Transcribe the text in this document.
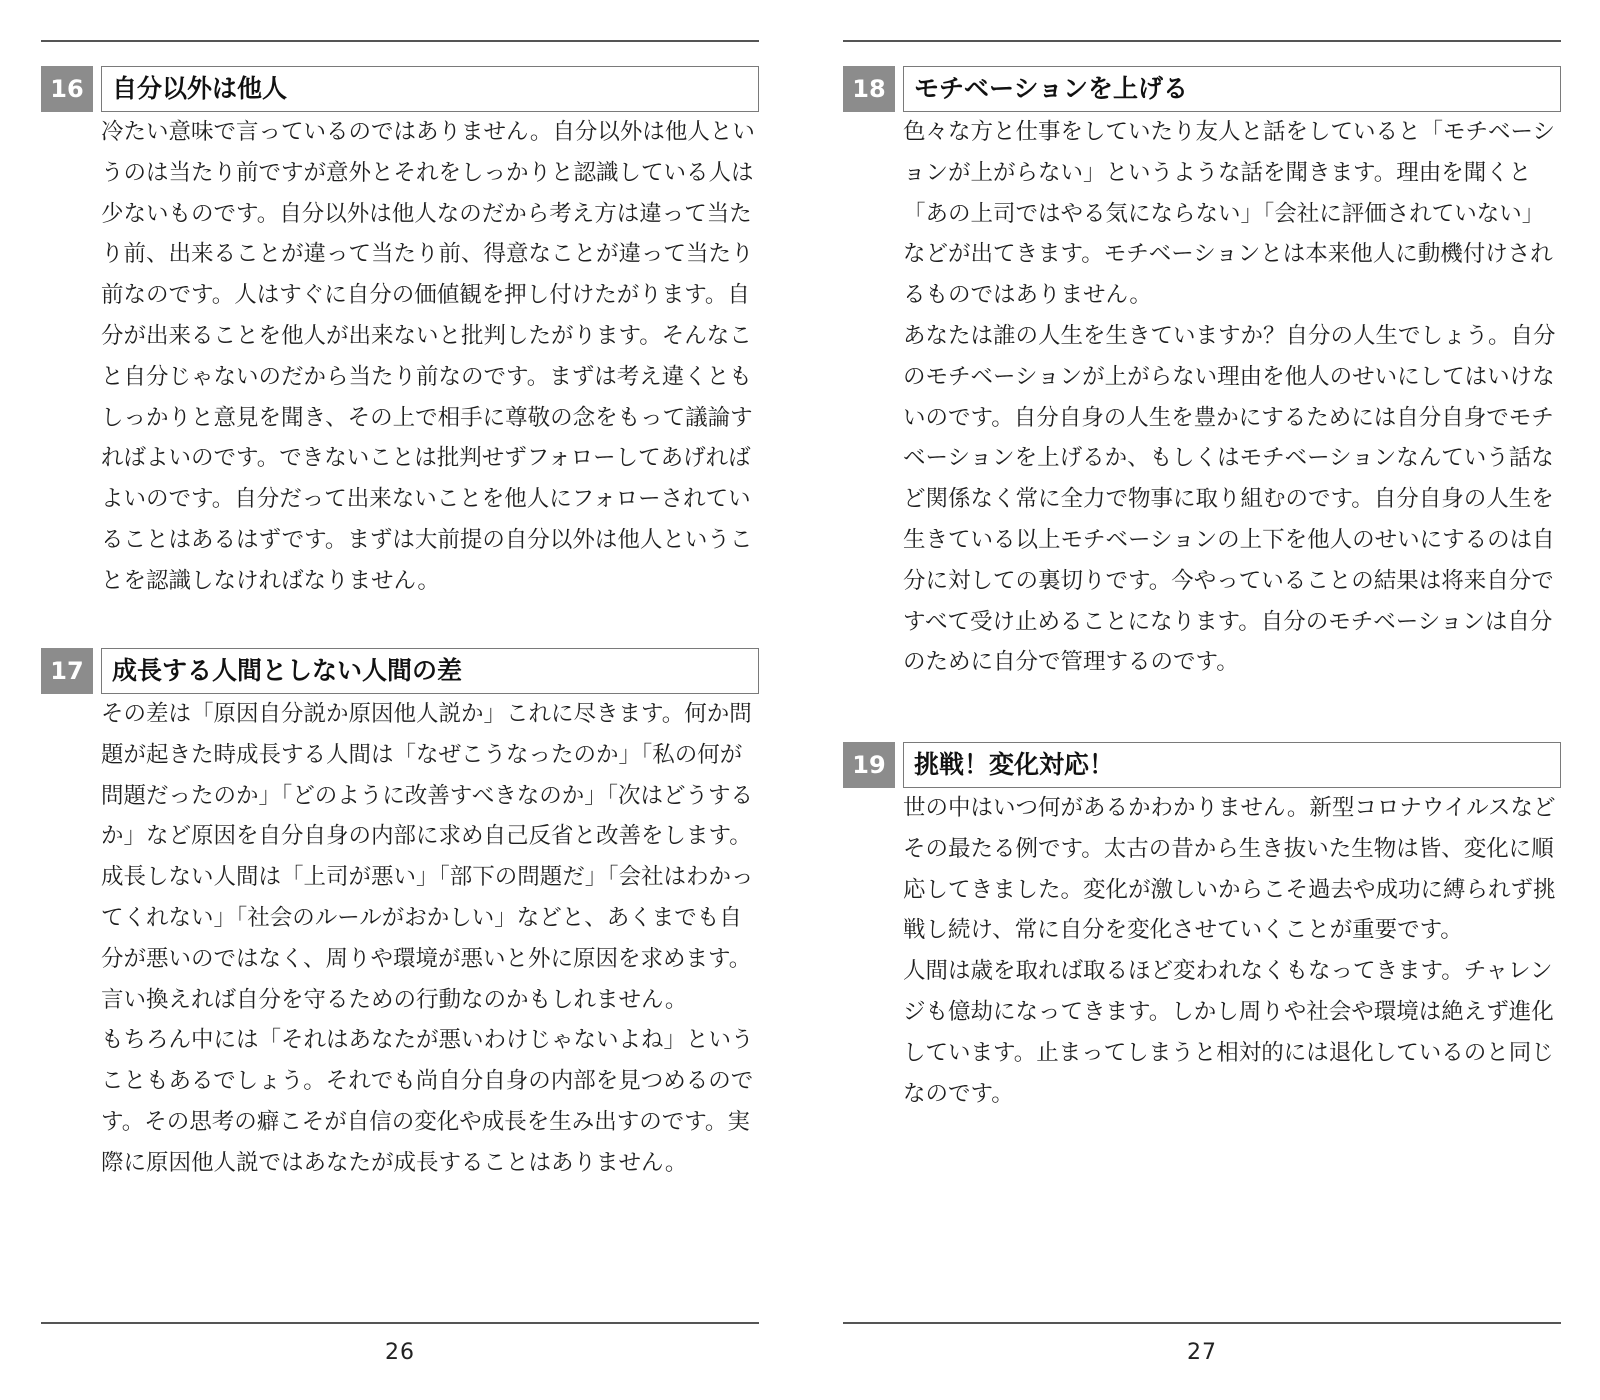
16	自分以外は他人

冷たい意味で言っているのではありません。自分以外は他人というのは当たり前ですが意外とそれをしっかりと認識している人は少ないものです。自分以外は他人なのだから考え方は違って当たり前、出来ることが違って当たり前、得意なことが違って当たり前なのです。人はすぐに自分の価値観を押し付けたがります。自分が出来ることを他人が出来ないと批判したがります。そんなこと自分じゃないのだから当たり前なのです。まずは考え違くともしっかりと意見を聞き、その上で相手に尊敬の念をもって議論すればよいのです。できないことは批判せずフォローしてあげればよいのです。自分だって出来ないことを他人にフォローされていることはあるはずです。まずは大前提の自分以外は他人ということを認識しなければなりません。

17	成長する人間としない人間の差

その差は「原因自分説か原因他人説か」これに尽きます。何か問題が起きた時成長する人間は「なぜこうなったのか」「私の何が問題だったのか」「どのように改善すべきなのか」「次はどうするか」など原因を自分自身の内部に求め自己反省と改善をします。成長しない人間は「上司が悪い」「部下の問題だ」「会社はわかってくれない」「社会のルールがおかしい」などと、あくまでも自分が悪いのではなく、周りや環境が悪いと外に原因を求めます。言い換えれば自分を守るための行動なのかもしれません。

もちろん中には「それはあなたが悪いわけじゃないよね」ということもあるでしょう。それでも尚自分自身の内部を見つめるのです。その思考の癖こそが自信の変化や成長を生み出すのです。実際に原因他人説ではあなたが成長することはありません。

26
18	モチベーションを上げる

色々な方と仕事をしていたり友人と話をしていると「モチベーションが上がらない」というような話を聞きます。理由を聞くと「あの上司ではやる気にならない」「会社に評価されていない」などが出てきます。モチベーションとは本来他人に動機付けされるものではありません。

あなたは誰の人生を生きていますか？自分の人生でしょう。自分のモチベーションが上がらない理由を他人のせいにしてはいけないのです。自分自身の人生を豊かにするためには自分自身でモチベーションを上げるか、もしくはモチベーションなんていう話など関係なく常に全力で物事に取り組むのです。自分自身の人生を生きている以上モチベーションの上下を他人のせいにするのは自分に対しての裏切りです。今やっていることの結果は将来自分ですべて受け止めることになります。自分のモチベーションは自分のために自分で管理するのです。

19	挑戦！変化対応！

世の中はいつ何があるかわかりません。新型コロナウイルスなどその最たる例です。太古の昔から生き抜いた生物は皆、変化に順応してきました。変化が激しいからこそ過去や成功に縛られず挑戦し続け、常に自分を変化させていくことが重要です。

人間は歳を取れば取るほど変われなくもなってきます。チャレンジも億劫になってきます。しかし周りや社会や環境は絶えず進化しています。止まってしまうと相対的には退化しているのと同じなのです。

27
